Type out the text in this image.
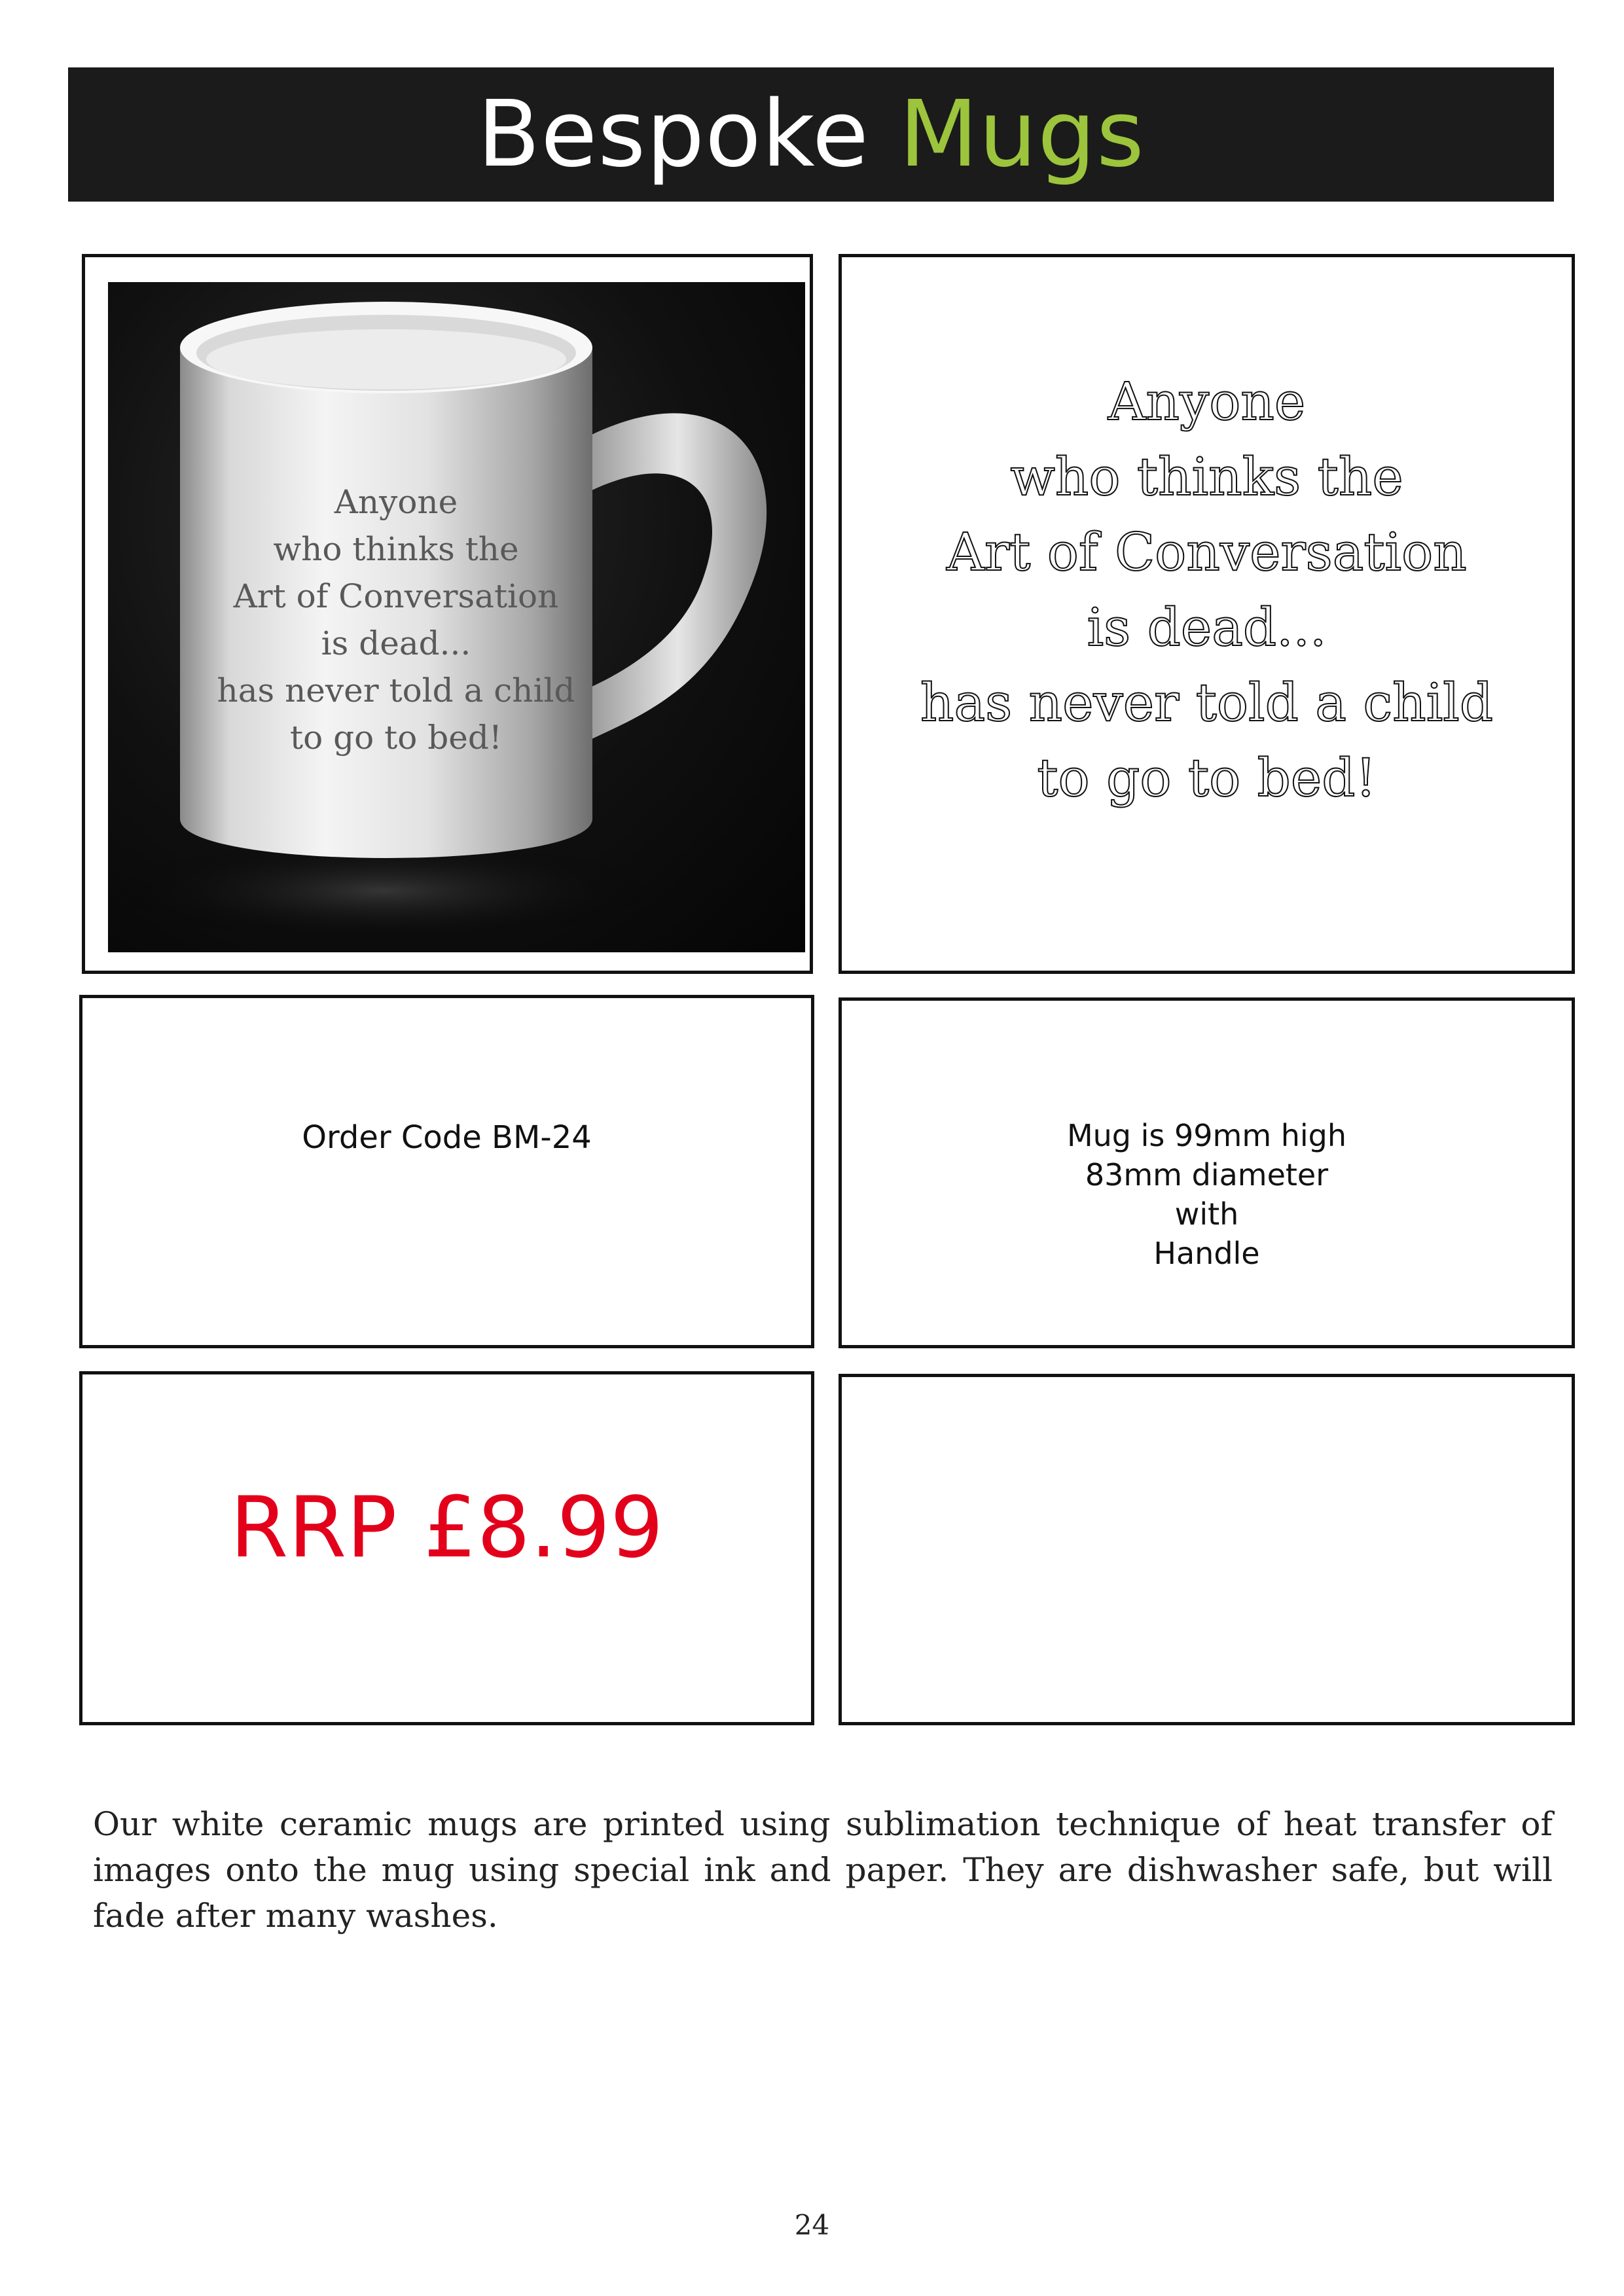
Bespoke Mugs
Anyone
who thinks the
Art of Conversation
is dead...
has never told a child
to go to bed!
Anyone
who thinks the
Art of Conversation
is dead...
has never told a child
to go to bed!
Order Code BM-24	Mug is 99mm high
83mm diameter
with
Handle
RRP £8.99
Our white ceramic mugs are printed using sublimation technique of heat transfer of images onto the mug using special ink and paper. They are dishwasher safe, but will fade after many washes.
24
